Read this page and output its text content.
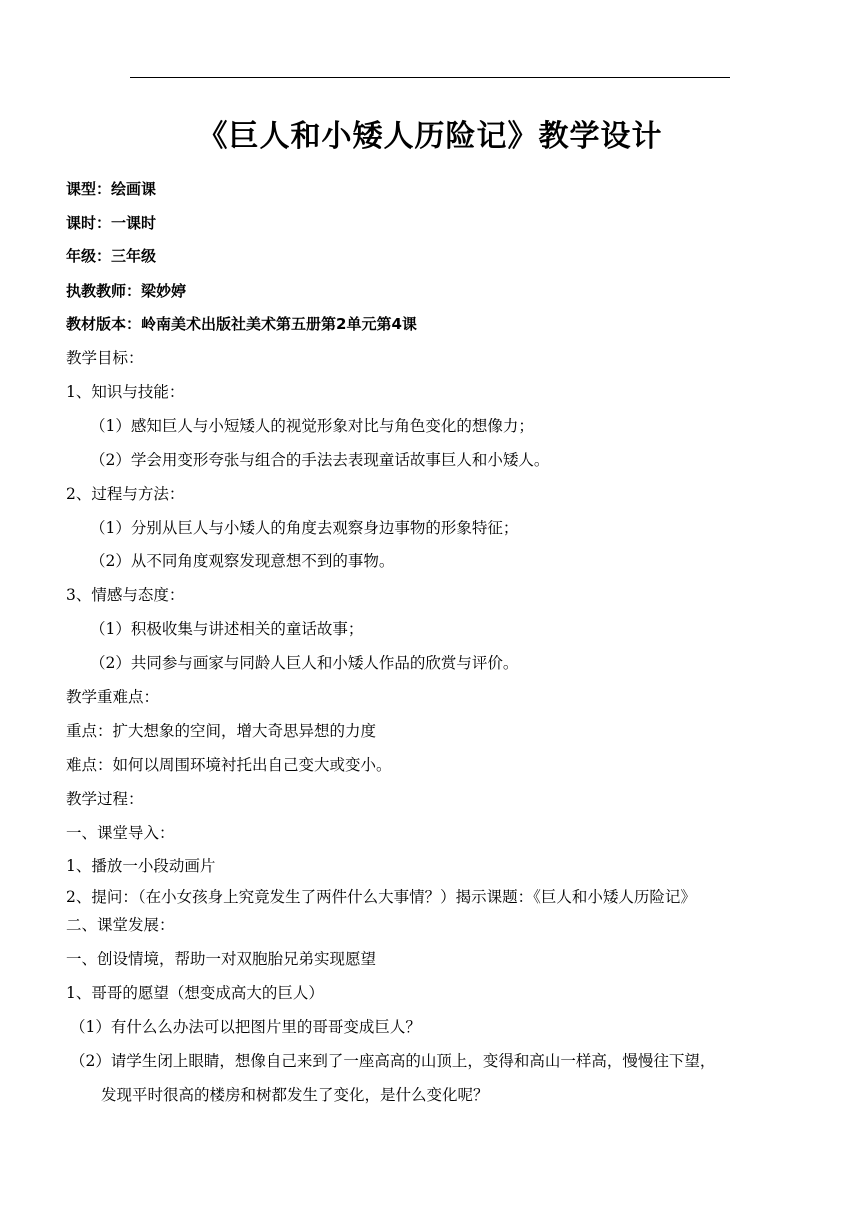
《巨人和小矮人历险记》教学设计
课型：绘画课
课时：一课时
年级：三年级
执教教师：梁妙婷
教材版本：岭南美术出版社美术第五册第2单元第4课
教学目标：
1、知识与技能：
（1）感知巨人与小短矮人的视觉形象对比与角色变化的想像力；
（2）学会用变形夸张与组合的手法去表现童话故事巨人和小矮人。
2、过程与方法：
（1）分别从巨人与小矮人的角度去观察身边事物的形象特征；
（2）从不同角度观察发现意想不到的事物。
3、情感与态度：
（1）积极收集与讲述相关的童话故事；
（2）共同参与画家与同龄人巨人和小矮人作品的欣赏与评价。
教学重难点：
重点：扩大想象的空间，增大奇思异想的力度
难点：如何以周围环境衬托出自己变大或变小。
教学过程：
一、课堂导入：
1、播放一小段动画片
2、提问：（在小女孩身上究竟发生了两件什么大事情？）揭示课题：《巨人和小矮人历险记》
二、课堂发展：
一、创设情境，帮助一对双胞胎兄弟实现愿望
1、哥哥的愿望（想变成高大的巨人）
（1）有什么么办法可以把图片里的哥哥变成巨人？
（2）请学生闭上眼睛，想像自己来到了一座高高的山顶上，变得和高山一样高，慢慢往下望，
发现平时很高的楼房和树都发生了变化，是什么变化呢？
